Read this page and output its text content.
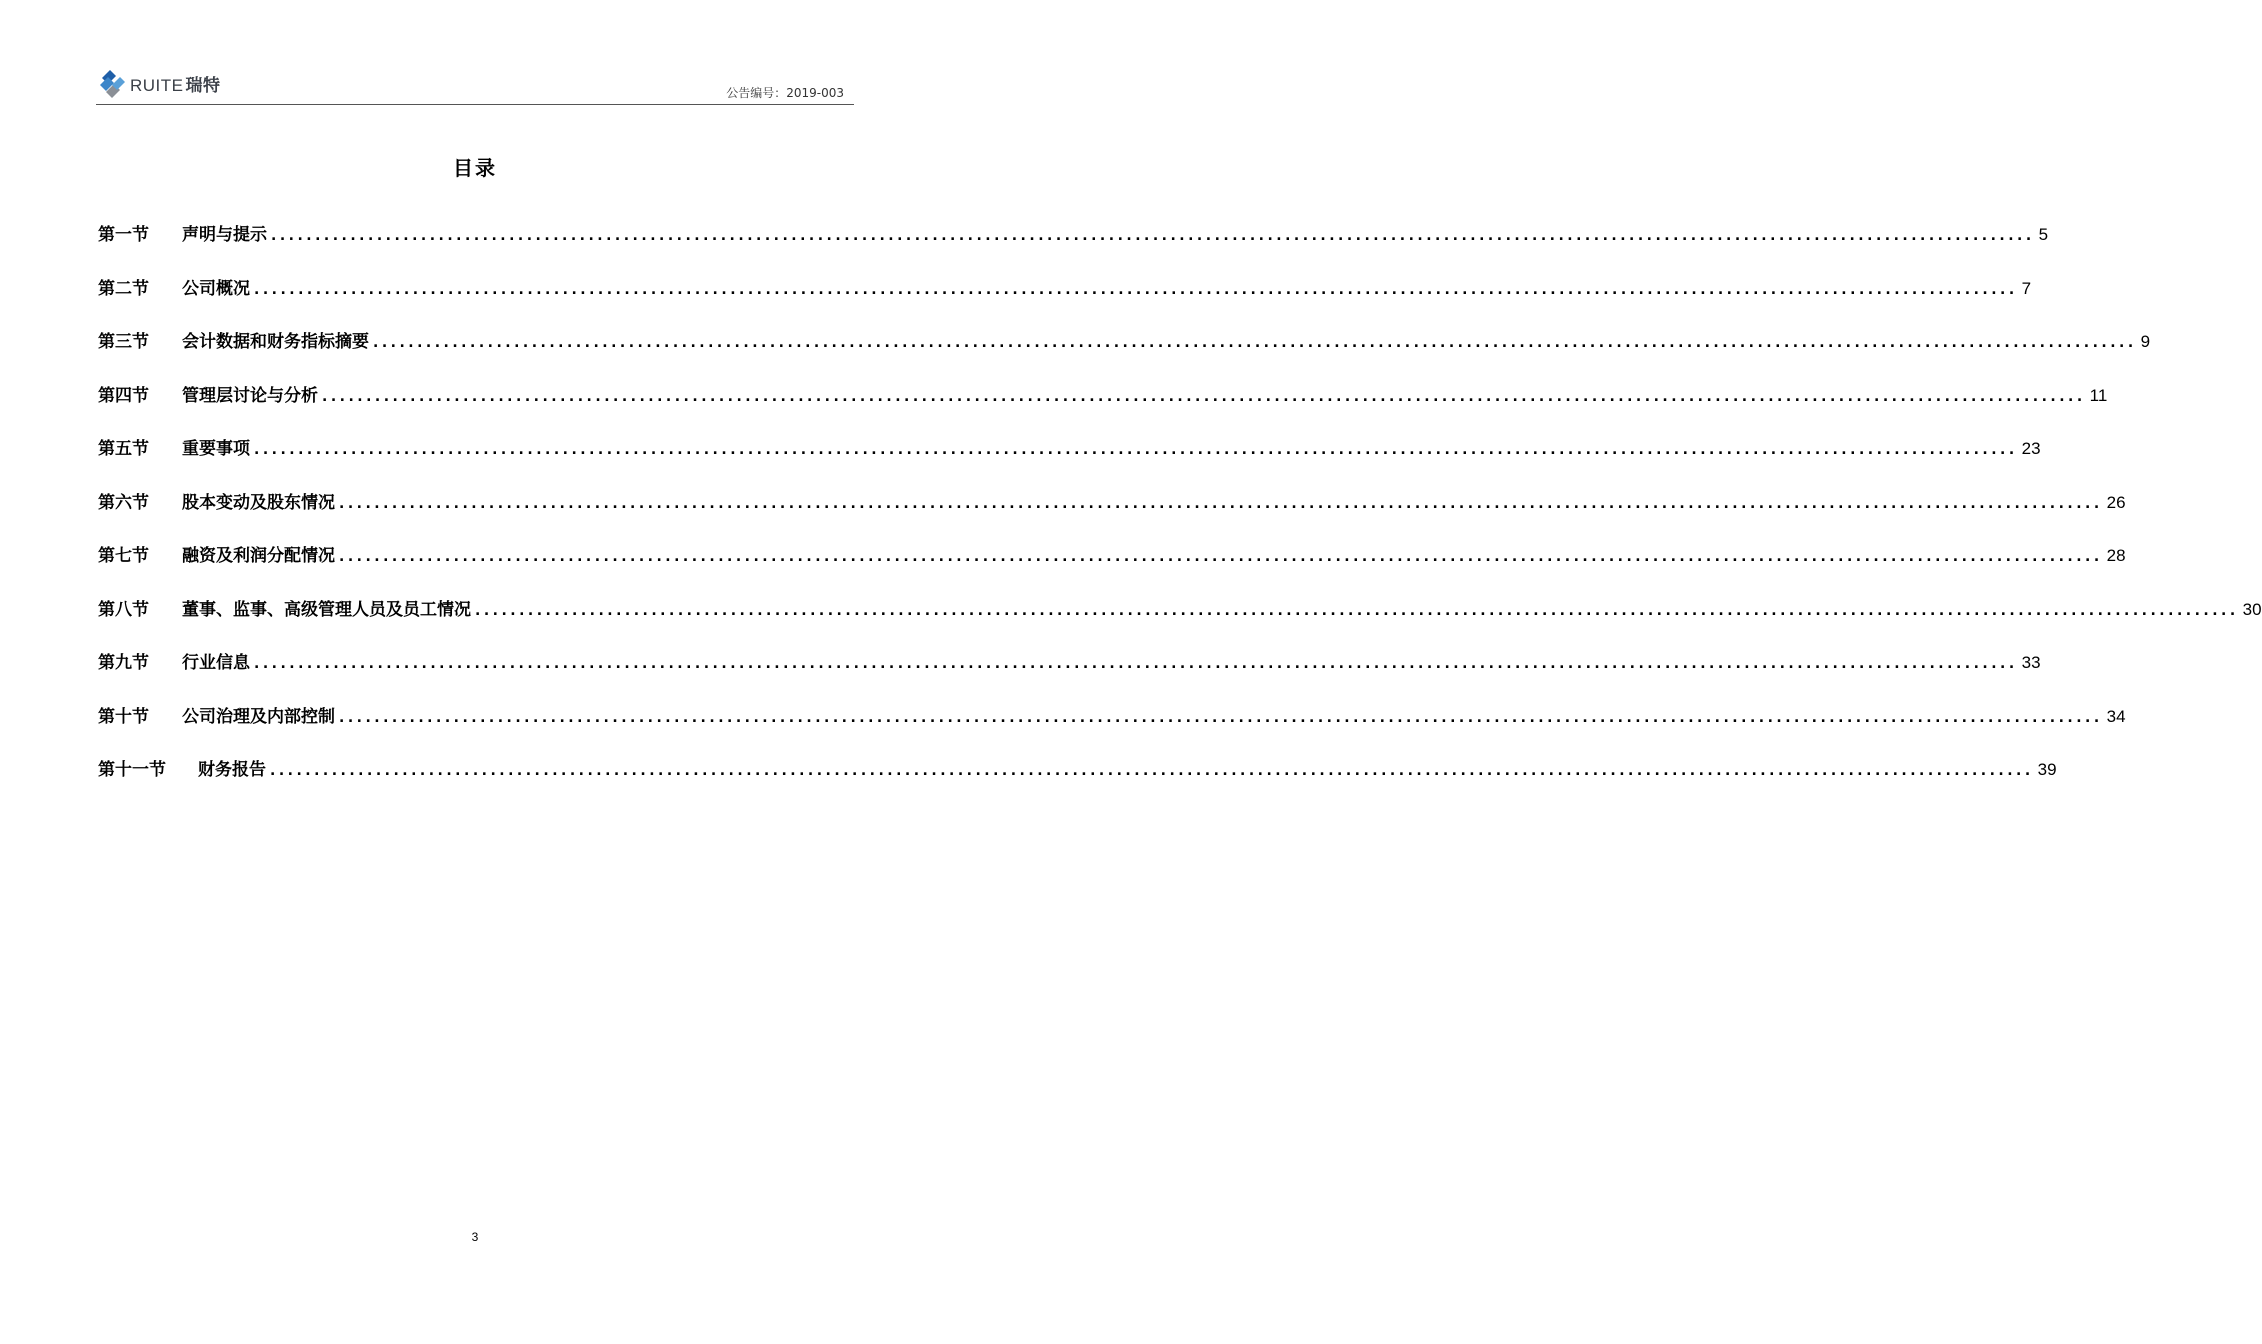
RUITE 瑞特	公告编号：2019-003
目录
第一节	声明与提示 ........................................................................................................................................................................................................ 5
第二节	公司概况 ........................................................................................................................................................................................................ 7
第三节	会计数据和财务指标摘要 ........................................................................................................................................................................................................ 9
第四节	管理层讨论与分析 ........................................................................................................................................................................................................ 11
第五节	重要事项 ........................................................................................................................................................................................................ 23
第六节	股本变动及股东情况 ........................................................................................................................................................................................................ 26
第七节	融资及利润分配情况 ........................................................................................................................................................................................................ 28
第八节	董事、监事、高级管理人员及员工情况 ........................................................................................................................................................................................................ 30
第九节	行业信息 ........................................................................................................................................................................................................ 33
第十节	公司治理及内部控制 ........................................................................................................................................................................................................ 34
第十一节	财务报告 ........................................................................................................................................................................................................ 39
3
